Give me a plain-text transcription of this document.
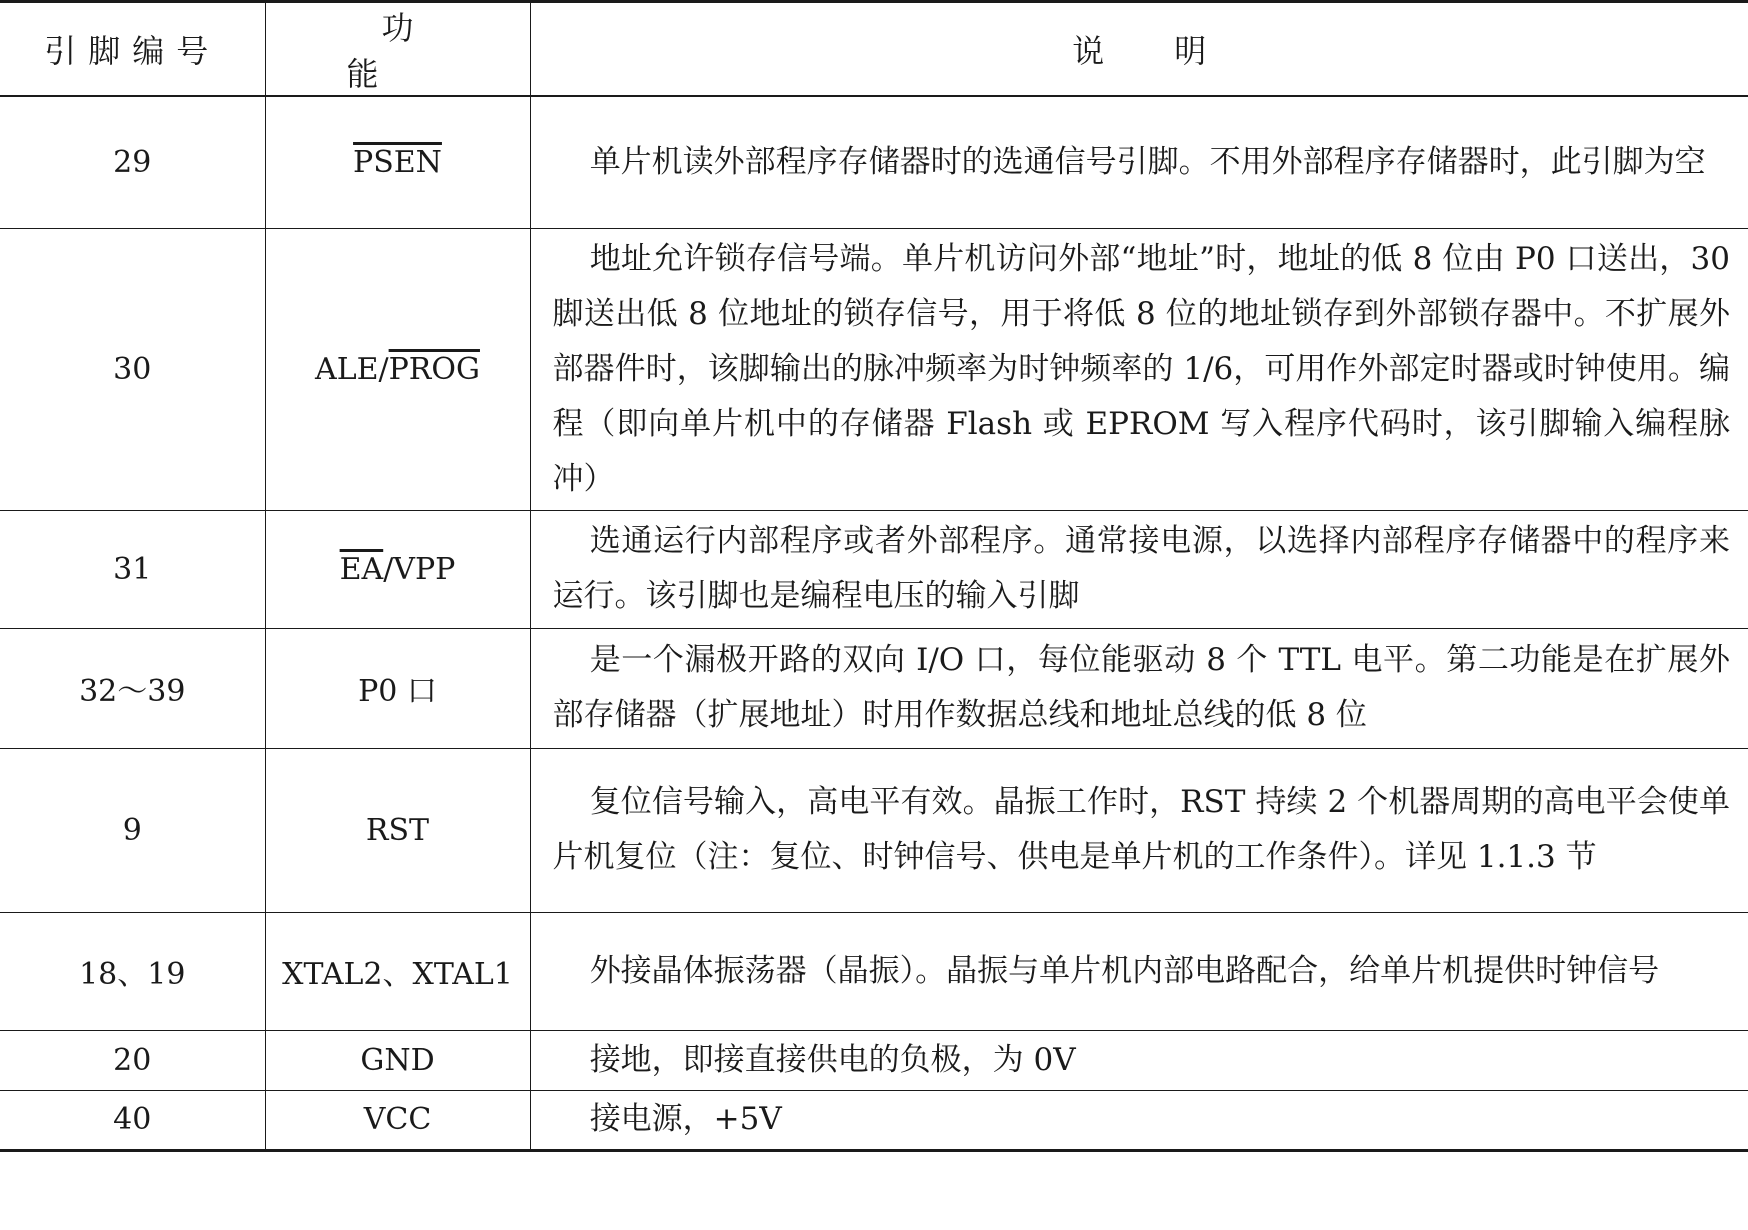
引脚编号	功能	说明
29	PSEN	单片机读外部程序存储器时的选通信号引脚。不用外部程序存储器时，此引脚为空

30	ALE/PROG	地址允许锁存信号端。单片机访问外部“地址”时，地址的低 8 位由 P0 口送出，30 脚送出低 8 位地址的锁存信号，用于将低 8 位的地址锁存到外部锁存器中。不扩展外部器件时，该脚输出的脉冲频率为时钟频率的 1/6，可用作外部定时器或时钟使用。编程（即向单片机中的存储器 Flash 或 EPROM 写入程序代码时，该引脚输入编程脉冲）

31	$\overline{EA}$/VPP	选通运行内部程序或者外部程序。通常接电源，以选择内部程序存储器中的程序来运行。该引脚也是编程电压的输入引脚

32～39	P0 口	是一个漏极开路的双向 I/O 口，每位能驱动 8 个 TTL 电平。第二功能是在扩展外部存储器（扩展地址）时用作数据总线和地址总线的低 8 位

9	RST	复位信号输入，高电平有效。晶振工作时，RST 持续 2 个机器周期的高电平会使单片机复位（注：复位、时钟信号、供电是单片机的工作条件）。详见 1.1.3 节

18、19	XTAL2、XTAL1	外接晶体振荡器（晶振）。晶振与单片机内部电路配合，给单片机提供时钟信号

20	GND	接地，即接直接供电的负极，为 0V

40	VCC	接电源，+5V
